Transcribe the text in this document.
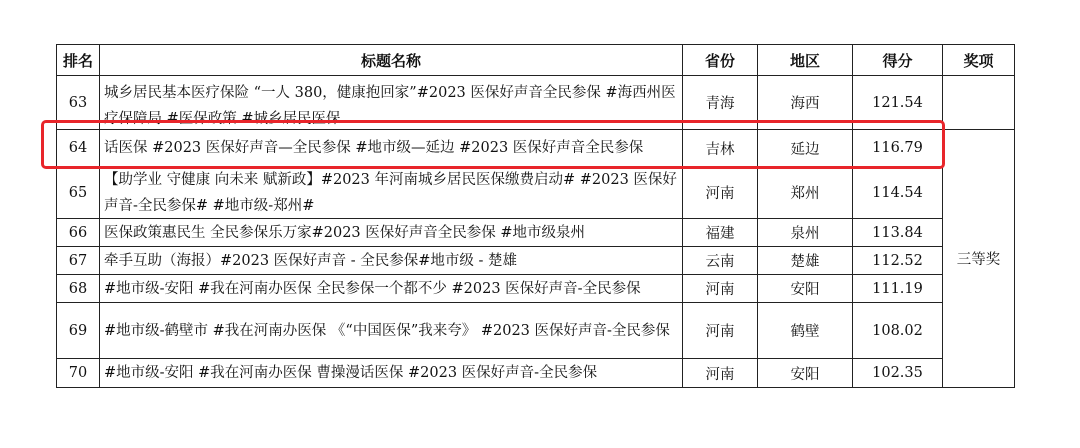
排名	标题名称	省份	地区	得分	奖项
63	城乡居民基本医疗保险 “一人 380，健康抱回家”#2023 医保好声音全民参保 #海西州医疗保障局 #医保政策 #城乡居民医保	青海	海西	121.54	
64	话医保 #2023 医保好声音—全民参保 #地市级—延边 #2023 医保好声音全民参保	吉林	延边	116.79	三等奖
65	【助学业 守健康 向未来 赋新政】#2023 年河南城乡居民医保缴费启动# #2023 医保好声音-全民参保# #地市级-郑州#	河南	郑州	114.54	
66	医保政策惠民生 全民参保乐万家#2023 医保好声音全民参保 #地市级泉州	福建	泉州	113.84	
67	牵手互助（海报）#2023 医保好声音 - 全民参保#地市级 - 楚雄	云南	楚雄	112.52	
68	#地市级-安阳 #我在河南办医保 全民参保一个都不少 #2023 医保好声音-全民参保	河南	安阳	111.19	
69	#地市级-鹤壁市 #我在河南办医保 《“中国医保”我来夸》 #2023 医保好声音-全民参保	河南	鹤壁	108.02	
70	#地市级-安阳 #我在河南办医保 曹操漫话医保 #2023 医保好声音-全民参保	河南	安阳	102.35	
